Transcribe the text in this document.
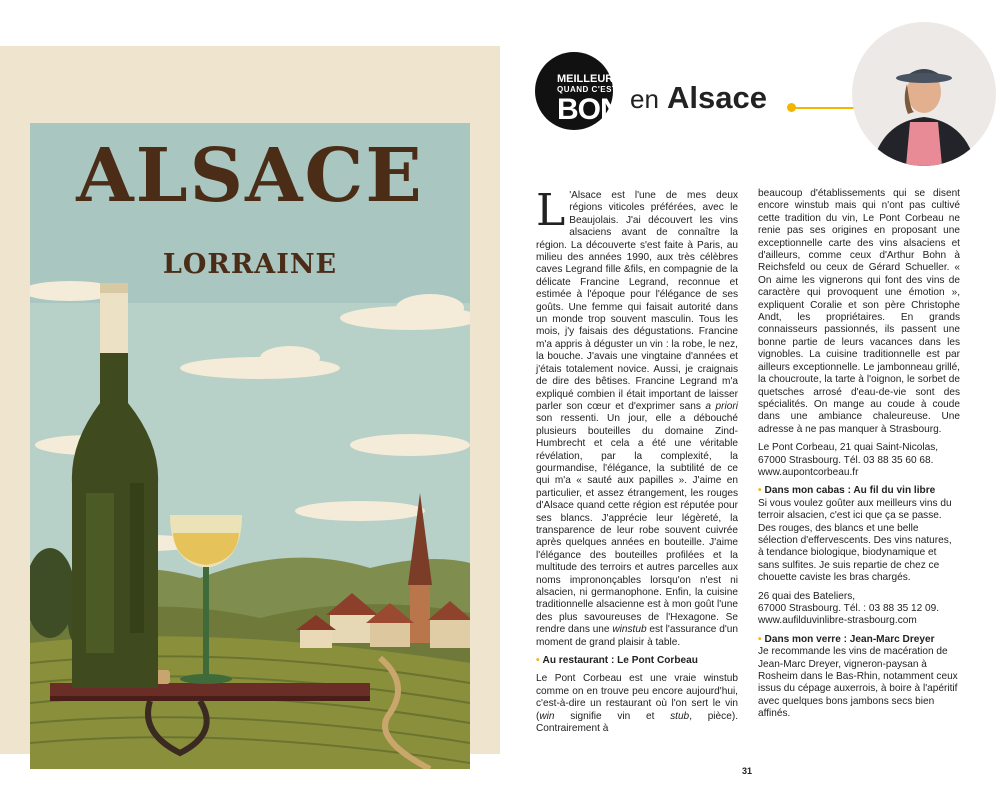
ALSACE
LORRAINE
MEILLEUR
QUAND C'EST
BON en Alsace

L 'Alsace est l'une de mes deux régions viticoles préférées, avec le Beaujolais. J'ai découvert les vins alsaciens avant de connaître la région. La découverte s'est faite à Paris, au milieu des années 1990, aux très célèbres caves Legrand fille &fils, en compagnie de la délicate Francine Legrand, reconnue et estimée à l'époque pour l'élégance de ses goûts. Une femme qui faisait autorité dans un monde trop souvent masculin. Tous les mois, j'y faisais des dégustations. Francine m'a appris à déguster un vin : la robe, le nez, la bouche. J'avais une vingtaine d'années et j'étais totalement novice. Aussi, je craignais de dire des bêtises. Francine Legrand m'a expliqué combien il était important de laisser parler son cœur et d'exprimer sans a priori son ressenti. Un jour, elle a débouché plusieurs bouteilles du domaine Zind-Humbrecht et cela a été une véritable révélation, par la complexité, la gourmandise, l'élégance, la subtilité de ce qui m'a « sauté aux papilles ». J'aime en particulier, et assez étrangement, les rouges d'Alsace quand cette région est réputée pour ses blancs. J'apprécie leur légèreté, la transparence de leur robe souvent cuivrée après quelques années en bouteille. J'aime l'élégance des bouteilles profilées et la multitude des terroirs et autres parcelles aux noms imprononçables lorsqu'on n'est ni alsacien, ni germanophone. Enfin, la cuisine traditionnelle alsacienne est à mon goût l'une des plus savoureuses de l'Hexagone. Se rendre dans une winstub est l'assurance d'un moment de grand plaisir à table.

• Au restaurant : Le Pont Corbeau

Le Pont Corbeau est une vraie winstub comme on en trouve peu encore aujourd'hui, c'est-à-dire un restaurant où l'on sert le vin (win signifie vin et stub, pièce). Contrairement à

beaucoup d'établissements qui se disent encore winstub mais qui n'ont pas cultivé cette tradition du vin, Le Pont Corbeau ne renie pas ses origines en proposant une exceptionnelle carte des vins alsaciens et d'ailleurs, comme ceux d'Arthur Bohn à Reichsfeld ou ceux de Gérard Schueller. « On aime les vignerons qui font des vins de caractère qui provoquent une émotion », expliquent Coralie et son père Christophe Andt, les propriétaires. En grands connaisseurs passionnés, ils passent une bonne partie de leurs vacances dans les vignobles. La cuisine traditionnelle est par ailleurs exceptionnelle. Le jambonneau grillé, la choucroute, la tarte à l'oignon, le sorbet de quetsches arrosé d'eau-de-vie sont des spécialités. On mange au coude à coude dans une ambiance chaleureuse. Une adresse à ne pas manquer à Strasbourg.

Le Pont Corbeau, 21 quai Saint-Nicolas,
67000 Strasbourg. Tél. 03 88 35 60 68.
www.aupontcorbeau.fr

• Dans mon cabas : Au fil du vin libre

Si vous voulez goûter aux meilleurs vins du terroir alsacien, c'est ici que ça se passe. Des rouges, des blancs et une belle sélection d'effervescents. Des vins natures, à tendance biologique, biodynamique et sans sulfites. Je suis repartie de chez ce chouette caviste les bras chargés.

26 quai des Bateliers,
67000 Strasbourg. Tél. : 03 88 35 12 09.
www.aufilduvinlibre-strasbourg.com

• Dans mon verre : Jean-Marc Dreyer

Je recommande les vins de macération de Jean-Marc Dreyer, vigneron-paysan à Rosheim dans le Bas-Rhin, notamment ceux issus du cépage auxerrois, à boire à l'apéritif avec quelques bons jambons secs bien affinés.

31
